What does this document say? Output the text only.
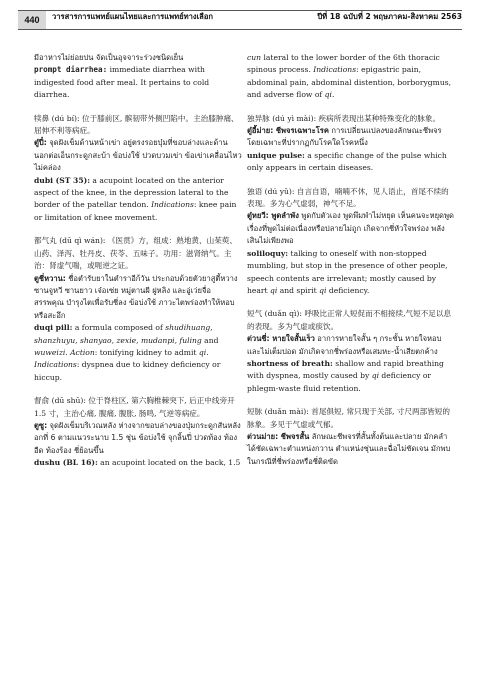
440	วารสารการแพทย์แผนไทยและการแพทย์ทางเลือก	ปีที่ 18 ฉบับที่ 2 พฤษภาคม-สิงหาคม 2563

มีอาหารไม่ย่อยปน จัดเป็นอุจจาระร่วงชนิดเย็น

prompt diarrhea: immediate diarrhea with indigested food after meal. It pertains to cold diarrhea.

犊鼻 (dú bí): 位于膝前区, 髌韧带外侧凹陷中。主治膝肿痛、屈伸不利等病症。

ตู๋ปี๋: จุดฝังเข็มด้านหน้าเข่า อยู่ตรงรอยบุ๋มที่ขอบล่างและด้านนอกต่อเอ็นกระดูกสะบ้า ข้อบ่งใช้ ปวดบวมเข่า ข้อเข่าเคลื่อนไหวไม่คล่อง

dubi (ST 35): a acupoint located on the anterior aspect of the knee, in the depression lateral to the border of the patellar tendon. Indications: knee pain or limitation of knee movement.

都气丸 (dū qì wán): 《医贯》方，组成：熟地黄、山茱萸、山药、泽泻、牡丹皮、茯苓、五味子。功用：滋肾纳气。主治：肾虚气喘，或呃逆之证。

ตูชี่หวาน: ชื่อตำรับยาในตำราอีก้วัน ประกอบด้วยตัวยาสูตี้หวาง ซานจูหวี ซานยาว เจ๋อเซ่ย หมู่ตานผี ฝูหลิง และอู่เว่ยจื่อ สรรพคุณ บำรุงไตเพื่อรับชี่ลง ข้อบ่งใช้ ภาวะไตพร่องทำให้หอบ หรือสะอึก

duqi pill: a formula composed of shudihuang, shanzhuyu, shanyao, zexie, mudanpi, fuling and wuweizi. Action: tonifying kidney to admit qi. Indications: dyspnea due to kidney deficiency or hiccup.

督俞 (dū shū): 位于脊柱区, 第六胸椎棘突下, 后正中线旁开 1.5 寸，主治心痛, 腹痛, 腹胀, 肠鸣, 气逆等病症。

ตูซู: จุดฝังเข็มบริเวณหลัง ห่างจากขอบล่างของปุ่มกระดูกสันหลังอกที่ 6 ตามแนวระนาบ 1.5 ชุ่น ข้อบ่งใช้ จุกลิ้นปี่ ปวดท้อง ท้องอืด ท้องร้อง ชี่ย้อนขึ้น

dushu (BL 16): an acupoint located on the back, 1.5

cun lateral to the lower border of the 6th thoracic spinous process. Indications: epigastric pain, abdominal pain, abdominal distention, borborygmus, and adverse flow of qi.

独异脉 (dú yì mài): 疾病所表现出某种特殊变化的脉象。

ตู๋อี้ม่าย: ชีพจรเฉพาะโรค การเปลี่ยนแปลงของลักษณะชีพจรโดยเฉพาะที่ปรากฏกับโรคใดโรคหนึ่ง

unique pulse: a specific change of the pulse which only appears in certain diseases.

独语 (dú yǔ): 自言自语，喃喃不休，见人语止，首尾不续的表现。多为心气虚弱，神气不足。

ตู๋หยวี: พูดลำพัง พูดกับตัวเอง พูดพึมพำไม่หยุด เห็นคนจะหยุดพูด เรื่องที่พูดไม่ต่อเนื่องหรือปลายไม่ถูก เกิดจากชี่หัวใจพร่อง พลังเสินไม่เพียงพอ

soliloquy: talking to oneself with non-stopped mumbling, but stop in the presence of other people, speech contents are irrelevant; mostly caused by heart qi and spirit qi deficiency.

短气 (duǎn qì): 呼吸比正常人短促而不相接续,气短不足以息的表现。多为气虚或痰饮。

ต่วนชี่: หายใจสั้นเร็ว อาการหายใจสั้น ๆ กระชั้น หายใจหอบและไม่เต็มปอด มักเกิดจากชี่พร่องหรือเสมหะ-น้ำเสียตกค้าง

shortness of breath: shallow and rapid breathing with dyspnea, mostly caused by qi deficiency or phlegm-waste fluid retention.

短脉 (duǎn mài): 首尾俱短, 常只现于关部, 寸尺两部皆短的脉象。多见于气虚或气郁。

ต่วนม่าย: ชีพจรสั้น ลักษณะชีพจรที่สั้นทั้งต้นและปลาย มักคลำได้ชัดเฉพาะตำแหน่งกวาน ตำแหน่งชุ่นและฉื่อไม่ชัดเจน มักพบในกรณีที่ชี่พร่องหรือชี่ติดขัด
